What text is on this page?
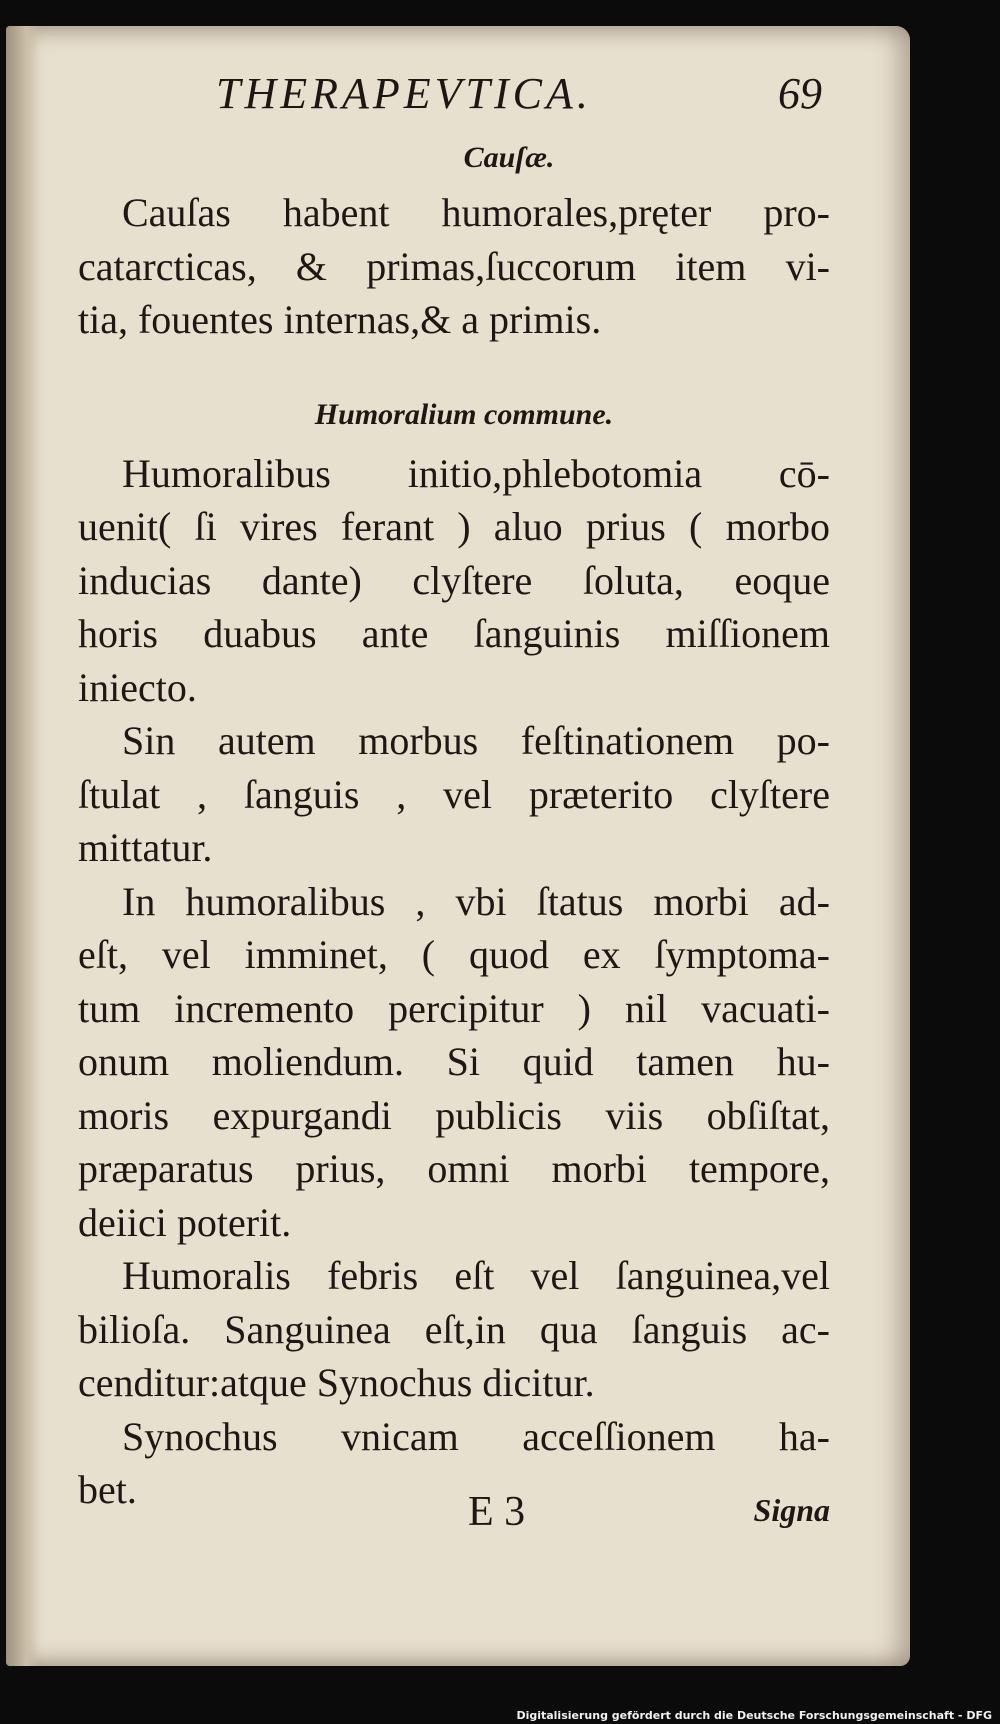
THERAPEVTICA.	69

Cauſæ.

Cauſas habent humorales,pręter pro-
catarcticas, & primas,ſuccorum item vi-
tia, fouentes internas,& a primis.

Humoralium commune.

Humoralibus initio,phlebotomia cō-
uenit( ſi vires ferant ) aluo prius ( morbo
inducias dante) clyſtere ſoluta, eoque
horis duabus ante ſanguinis miſſionem
iniecto.
Sin autem morbus feſtinationem po-
ſtulat , ſanguis , vel præterito clyſtere
mittatur.
In humoralibus , vbi ſtatus morbi ad-
eſt, vel imminet, ( quod ex ſymptoma-
tum incremento percipitur ) nil vacuati-
onum moliendum. Si quid tamen hu-
moris expurgandi publicis viis obſiſtat,
præparatus prius, omni morbi tempore,
deiici poterit.
Humoralis febris eſt vel ſanguinea,vel
bilioſa. Sanguinea eſt,in qua ſanguis ac-
cenditur:atque Synochus dicitur.
Synochus vnicam acceſſionem ha-
bet.	E 3	Signa
Digitalisierung gefördert durch die Deutsche Forschungsgemeinschaft - DFG
